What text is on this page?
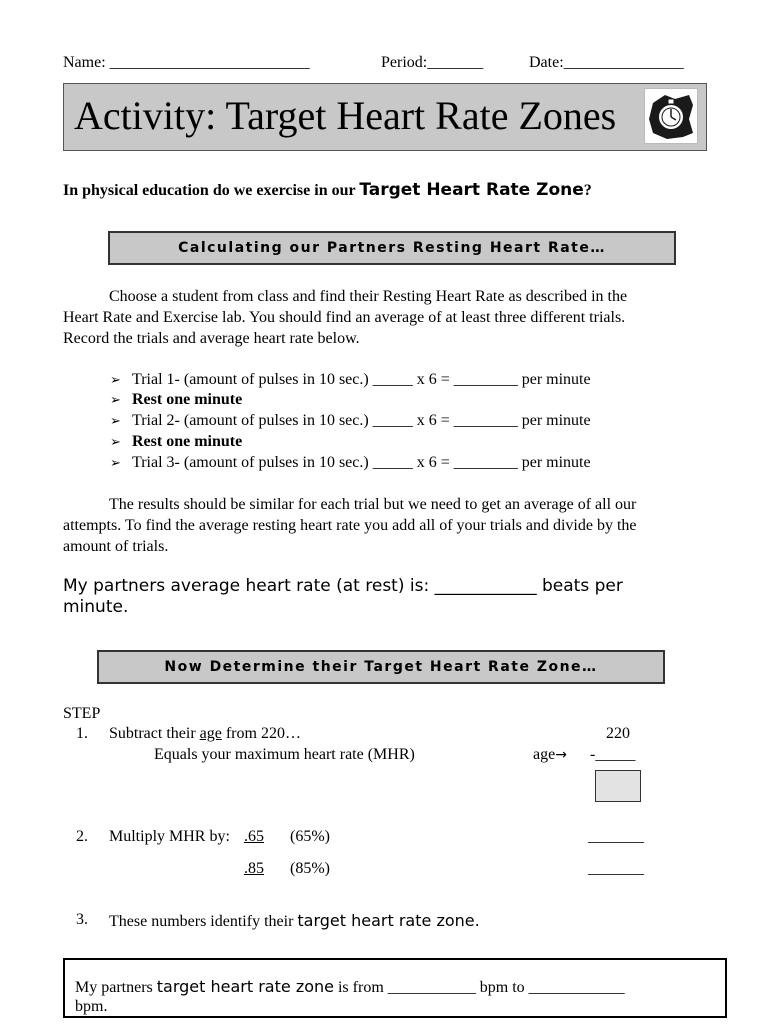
Name: _________________________	Period:_______	Date:_______________
Activity: Target Heart Rate Zones
In physical education do we exercise in our Target Heart Rate Zone?
Calculating our Partners Resting Heart Rate…
Choose a student from class and find their Resting Heart Rate as described in the
Heart Rate and Exercise lab. You should find an average of at least three different trials.
Record the trials and average heart rate below.
➢ Trial 1- (amount of pulses in 10 sec.) _____ x 6 = ________ per minute
➢ Rest one minute
➢ Trial 2- (amount of pulses in 10 sec.) _____ x 6 = ________ per minute
➢ Rest one minute
➢ Trial 3- (amount of pulses in 10 sec.) _____ x 6 = ________ per minute
The results should be similar for each trial but we need to get an average of all our
attempts. To find the average resting heart rate you add all of your trials and divide by the
amount of trials.
My partners average heart rate (at rest) is: ____________ beats per
minute.
Now Determine their Target Heart Rate Zone…
STEP
1. Subtract their age from 220…	220
Equals your maximum heart rate (MHR)	age→ -_____
2. Multiply MHR by: .65 (65%)	_______
.85 (85%)	_______
3. These numbers identify their target heart rate zone.
My partners target heart rate zone is from ___________ bpm to ____________
bpm.
